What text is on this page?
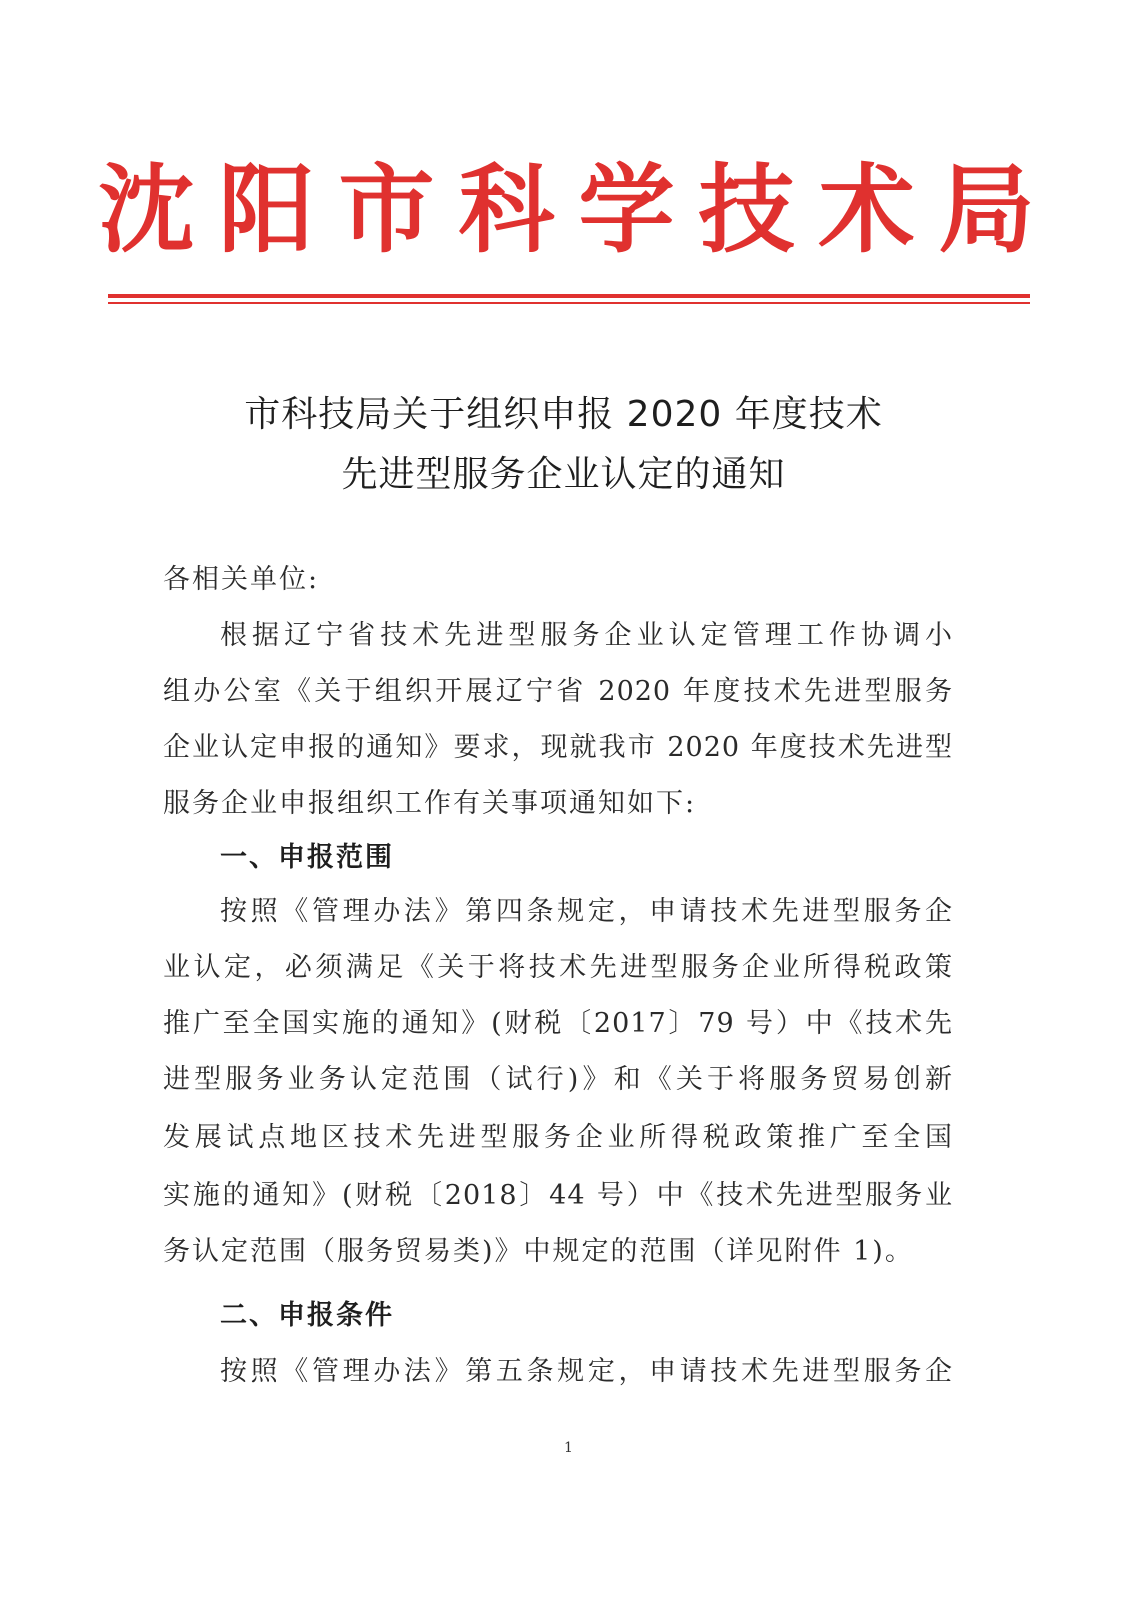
沈阳市科学技术局
市科技局关于组织申报 2020 年度技术
先进型服务企业认定的通知
各相关单位:
根据辽宁省技术先进型服务企业认定管理工作协调小
组办公室《关于组织开展辽宁省 2020 年度技术先进型服务
企业认定申报的通知》要求，现就我市 2020 年度技术先进型
服务企业申报组织工作有关事项通知如下:
一、申报范围
按照《管理办法》第四条规定，申请技术先进型服务企
业认定，必须满足《关于将技术先进型服务企业所得税政策
推广至全国实施的通知》(财税〔2017〕79 号）中《技术先
进型服务业务认定范围（试行)》和《关于将服务贸易创新
发展试点地区技术先进型服务企业所得税政策推广至全国
实施的通知》(财税〔2018〕44 号）中《技术先进型服务业
务认定范围（服务贸易类)》中规定的范围（详见附件 1)。
二、申报条件
按照《管理办法》第五条规定，申请技术先进型服务企
1
